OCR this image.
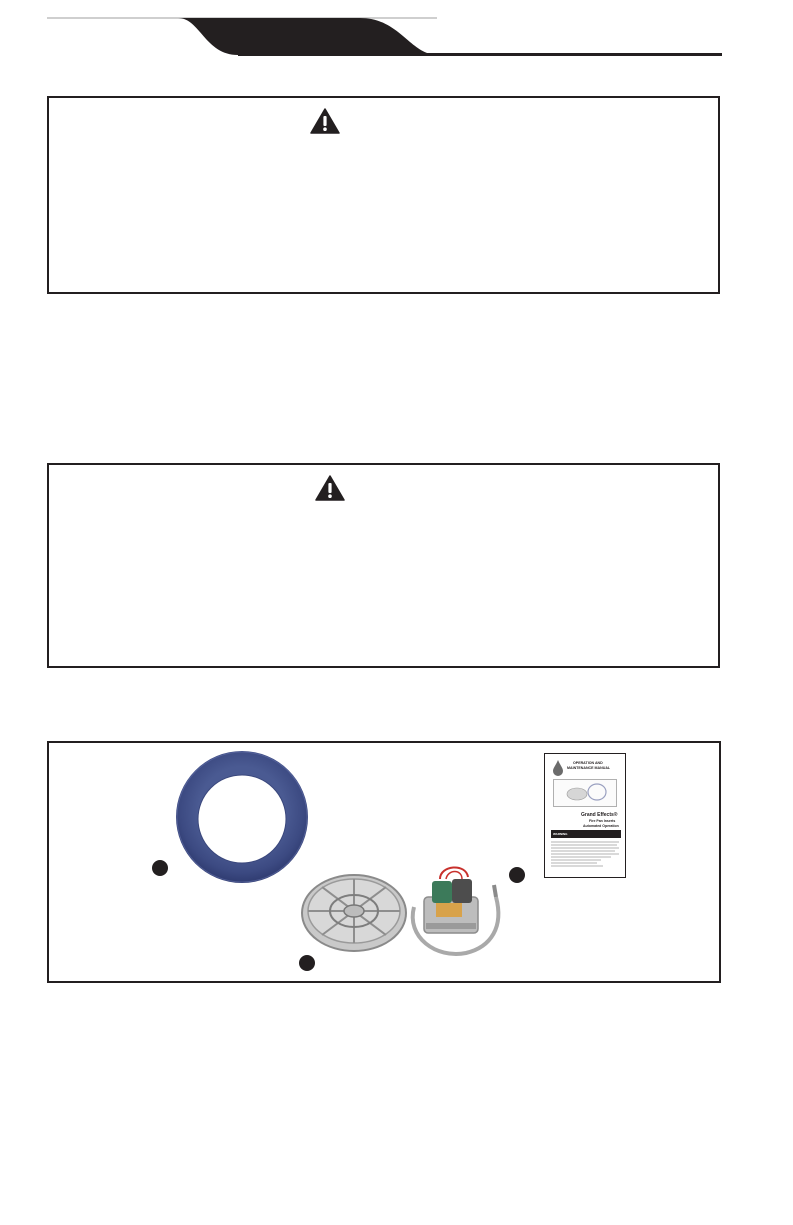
OPERATION AND
MAINTENANCE MANUAL
Grand Effects®
Fire Pan Inserts
Automated Operation
WARNING
